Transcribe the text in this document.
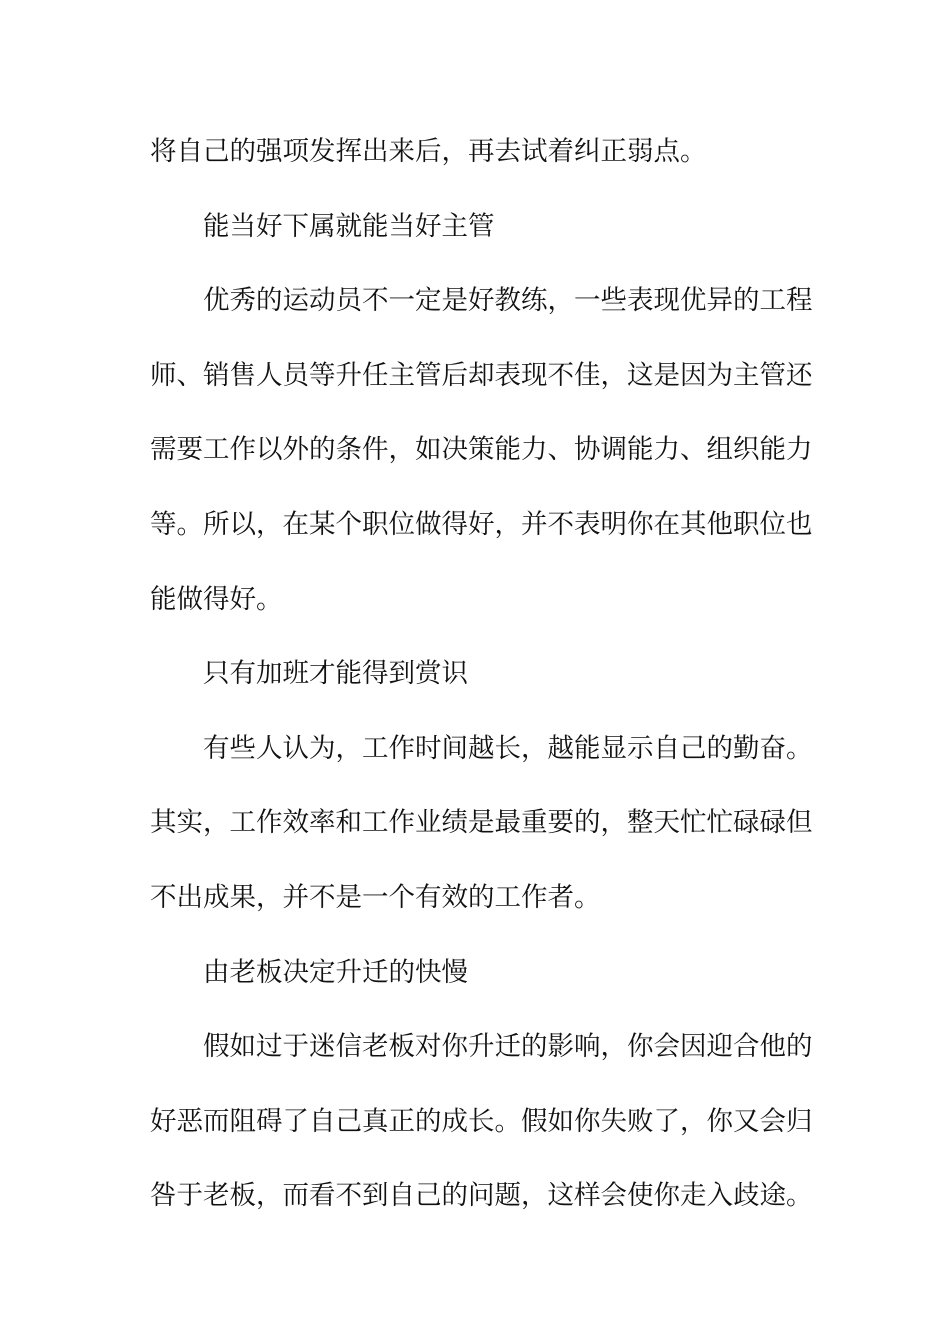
将自己的强项发挥出来后，再去试着纠正弱点。
能当好下属就能当好主管
优秀的运动员不一定是好教练，一些表现优异的工程
师、销售人员等升任主管后却表现不佳，这是因为主管还
需要工作以外的条件，如决策能力、协调能力、组织能力
等。所以，在某个职位做得好，并不表明你在其他职位也
能做得好。
只有加班才能得到赏识
有些人认为，工作时间越长，越能显示自己的勤奋。
其实，工作效率和工作业绩是最重要的，整天忙忙碌碌但
不出成果，并不是一个有效的工作者。
由老板决定升迁的快慢
假如过于迷信老板对你升迁的影响，你会因迎合他的
好恶而阻碍了自己真正的成长。假如你失败了，你又会归
咎于老板，而看不到自己的问题，这样会使你走入歧途。
